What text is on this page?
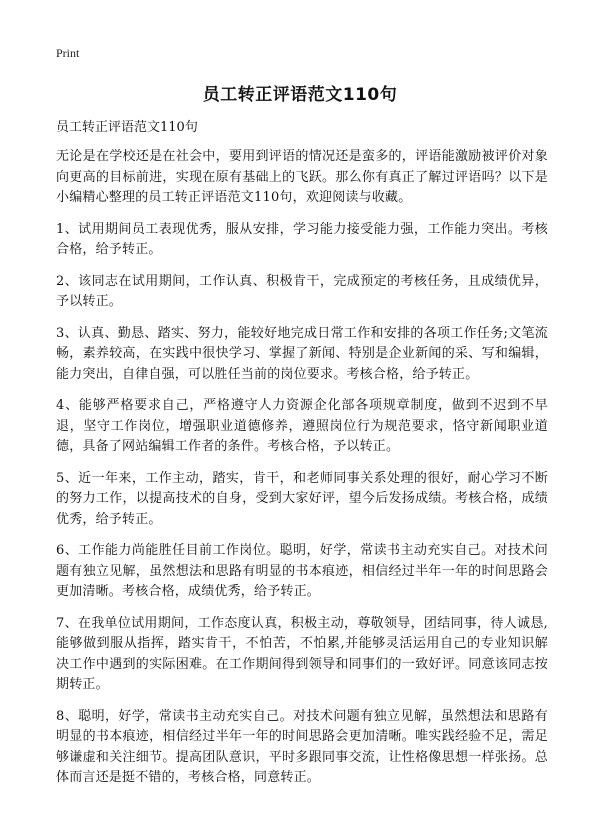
Print
员工转正评语范文110句

员工转正评语范文110句

无论是在学校还是在社会中，要用到评语的情况还是蛮多的，评语能激励被评价对象向更高的目标前进，实现在原有基础上的飞跃。那么你有真正了解过评语吗？以下是小编精心整理的员工转正评语范文110句，欢迎阅读与收藏。

1、试用期间员工表现优秀，服从安排，学习能力接受能力强，工作能力突出。考核合格，给予转正。

2、该同志在试用期间，工作认真、积极肯干，完成预定的考核任务，且成绩优异，予以转正。

3、认真、勤恳、踏实、努力，能较好地完成日常工作和安排的各项工作任务;文笔流畅，素养较高，在实践中很快学习、掌握了新闻、特别是企业新闻的采、写和编辑，能力突出，自律自强，可以胜任当前的岗位要求。考核合格，给予转正。

4、能够严格要求自己，严格遵守人力资源企化部各项规章制度，做到不迟到不早退，坚守工作岗位，增强职业道德修养，遵照岗位行为规范要求，恪守新闻职业道德，具备了网站编辑工作者的条件。考核合格，予以转正。

5、近一年来，工作主动，踏实，肯干，和老师同事关系处理的很好，耐心学习不断的努力工作，以提高技术的自身，受到大家好评，望今后发扬成绩。考核合格，成绩优秀，给予转正。

6、工作能力尚能胜任目前工作岗位。聪明，好学，常读书主动充实自己。对技术问题有独立见解，虽然想法和思路有明显的书本痕迹，相信经过半年一年的时间思路会更加清晰。考核合格，成绩优秀，给予转正。

7、在我单位试用期间，工作态度认真，积极主动，尊敬领导，团结同事，待人诚恳,能够做到服从指挥，踏实肯干，不怕苦，不怕累,并能够灵活运用自己的专业知识解决工作中遇到的实际困难。在工作期间得到领导和同事们的一致好评。同意该同志按期转正。

8、聪明，好学，常读书主动充实自己。对技术问题有独立见解，虽然想法和思路有明显的书本痕迹，相信经过半年一年的时间思路会更加清晰。唯实践经验不足，需足够谦虚和关注细节。提高团队意识，平时多跟同事交流，让性格像思想一样张扬。总体而言还是挺不错的，考核合格，同意转正。
